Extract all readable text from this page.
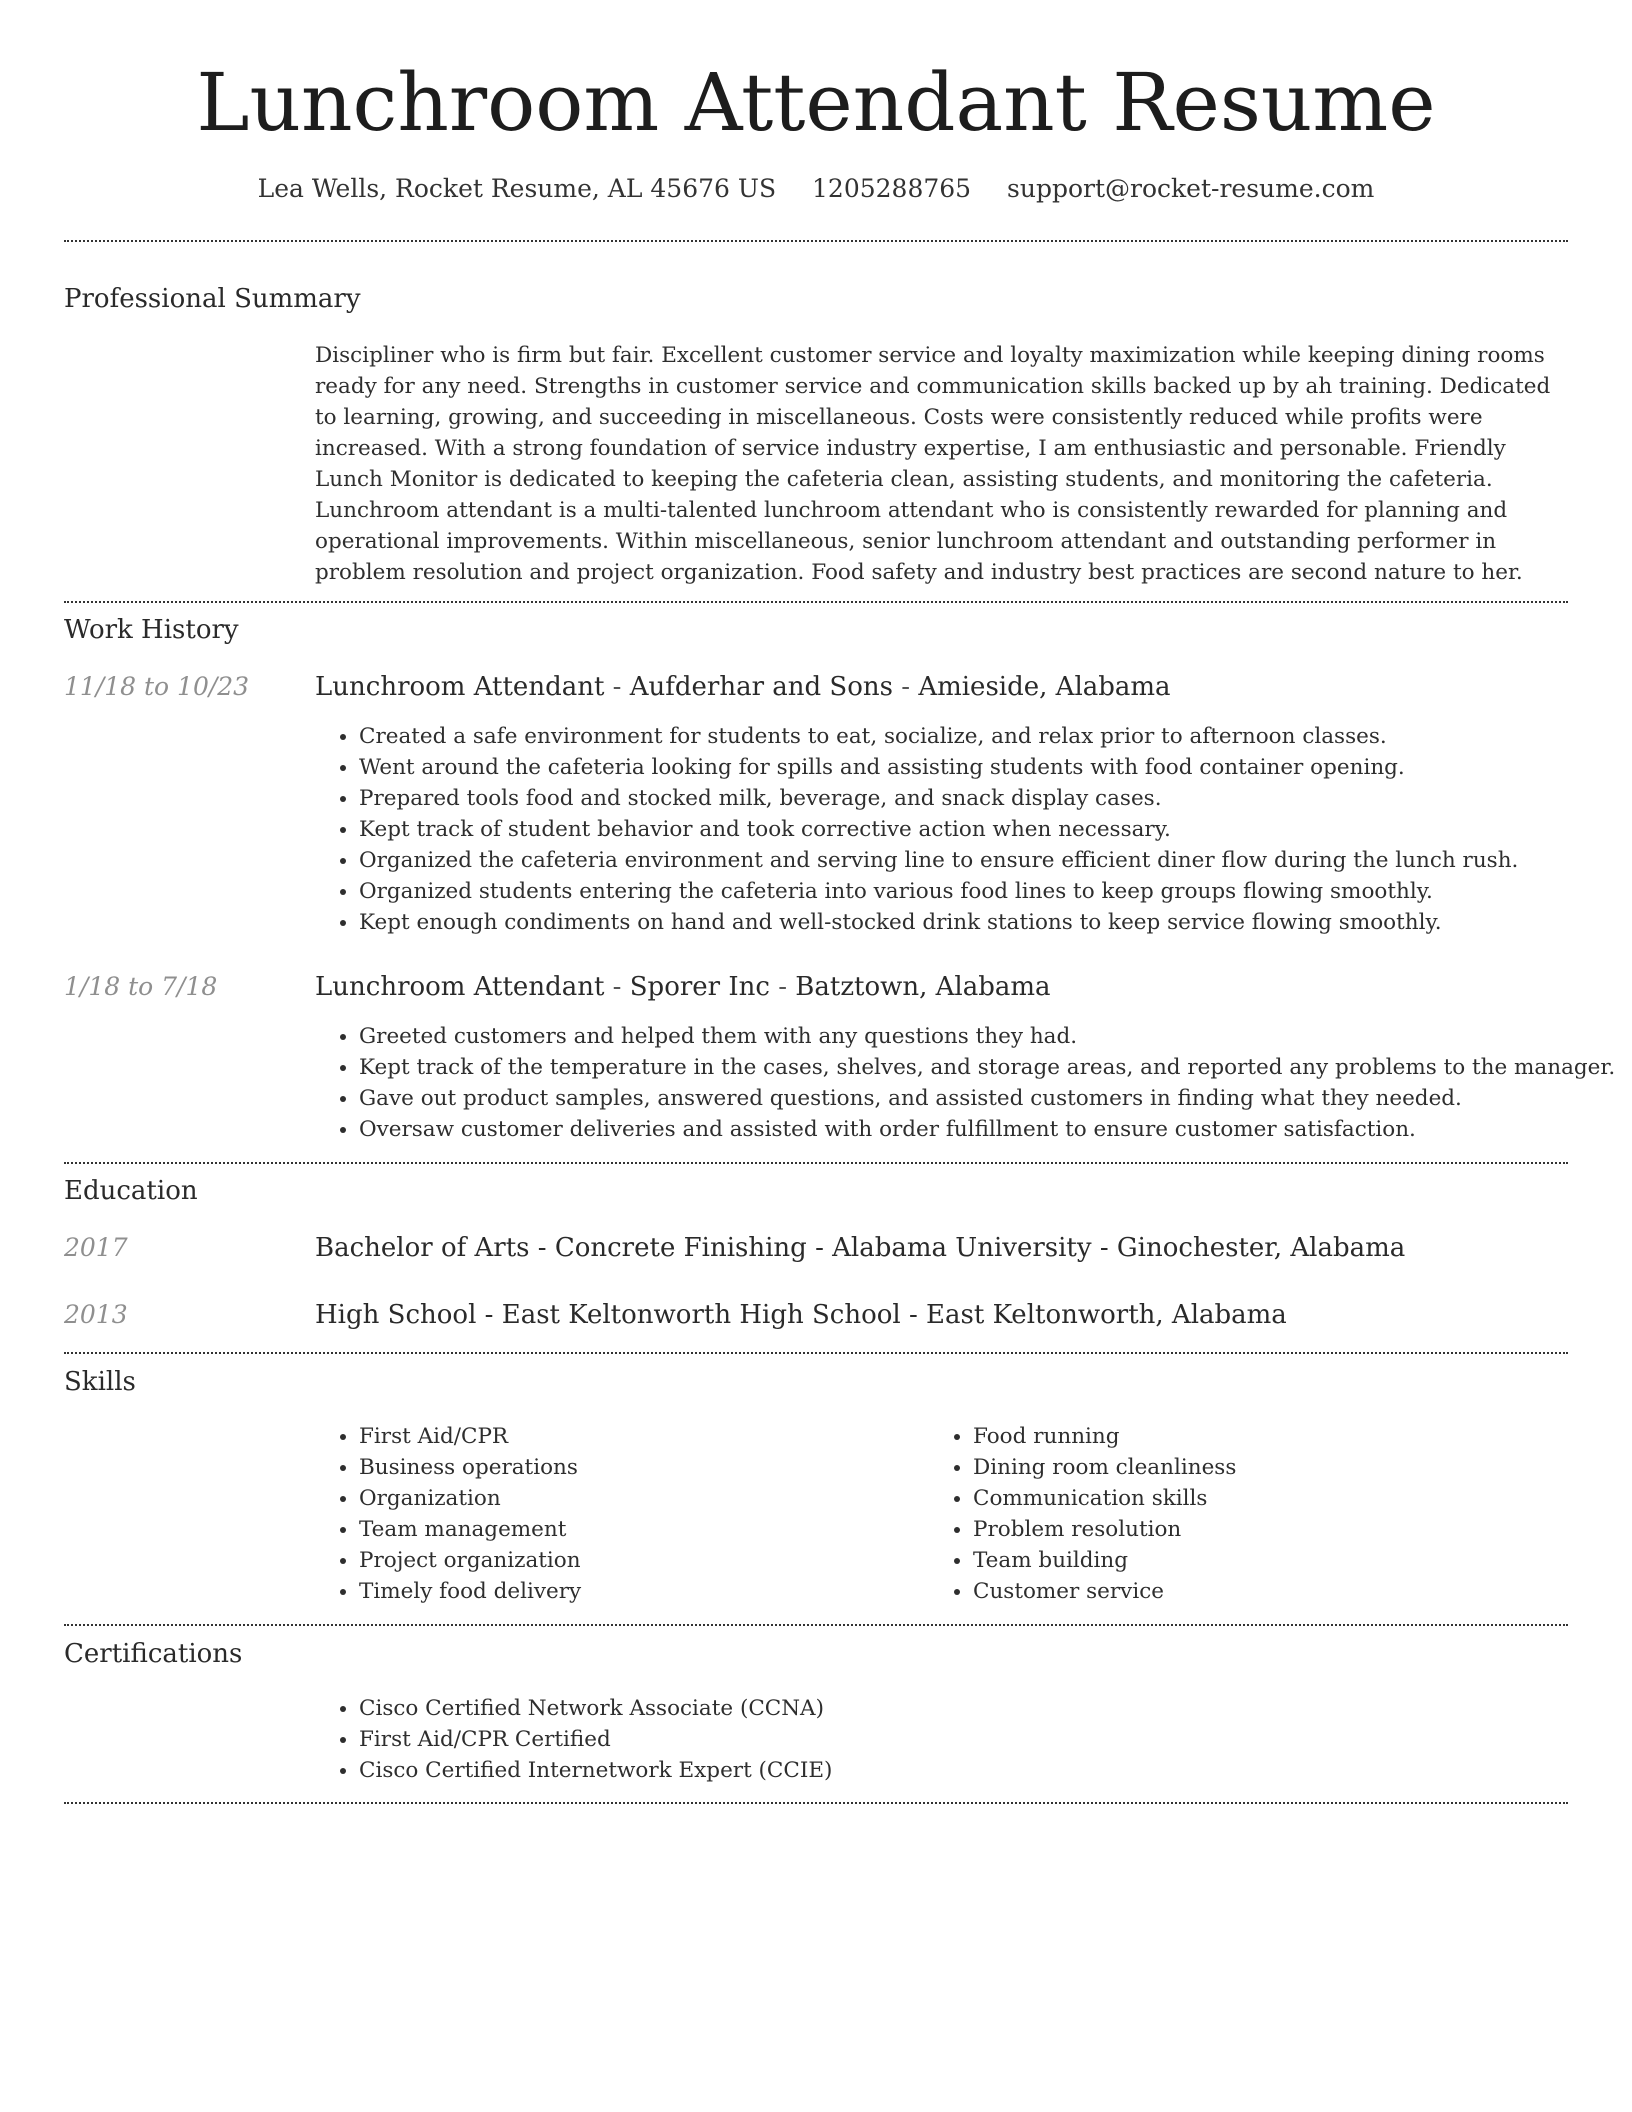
Lunchroom Attendant Resume
Lea Wells, Rocket Resume, AL 45676 US 1205288765 support@rocket-resume.com
Professional Summary

Discipliner who is firm but fair. Excellent customer service and loyalty maximization while keeping dining rooms ready for any need. Strengths in customer service and communication skills backed up by ah training. Dedicated to learning, growing, and succeeding in miscellaneous. Costs were consistently reduced while profits were increased. With a strong foundation of service industry expertise, I am enthusiastic and personable. Friendly Lunch Monitor is dedicated to keeping the cafeteria clean, assisting students, and monitoring the cafeteria. Lunchroom attendant is a multi-talented lunchroom attendant who is consistently rewarded for planning and operational improvements. Within miscellaneous, senior lunchroom attendant and outstanding performer in problem resolution and project organization. Food safety and industry best practices are second nature to her.

Work History
11/18 to 10/23	Lunchroom Attendant - Aufderhar and Sons - Amieside, Alabama
• Created a safe environment for students to eat, socialize, and relax prior to afternoon classes.
• Went around the cafeteria looking for spills and assisting students with food container opening.
• Prepared tools food and stocked milk, beverage, and snack display cases.
• Kept track of student behavior and took corrective action when necessary.
• Organized the cafeteria environment and serving line to ensure efficient diner flow during the lunch rush.
• Organized students entering the cafeteria into various food lines to keep groups flowing smoothly.
• Kept enough condiments on hand and well-stocked drink stations to keep service flowing smoothly.
1/18 to 7/18	Lunchroom Attendant - Sporer Inc - Batztown, Alabama
• Greeted customers and helped them with any questions they had.
• Kept track of the temperature in the cases, shelves, and storage areas, and reported any problems to the manager.
• Gave out product samples, answered questions, and assisted customers in finding what they needed.
• Oversaw customer deliveries and assisted with order fulfillment to ensure customer satisfaction.
Education
2017	Bachelor of Arts - Concrete Finishing - Alabama University - Ginochester, Alabama
2013	High School - East Keltonworth High School - East Keltonworth, Alabama
Skills
• First Aid/CPR
• Business operations
• Organization
• Team management
• Project organization
• Timely food delivery
• Food running
• Dining room cleanliness
• Communication skills
• Problem resolution
• Team building
• Customer service
Certifications
• Cisco Certified Network Associate (CCNA)
• First Aid/CPR Certified
• Cisco Certified Internetwork Expert (CCIE)
